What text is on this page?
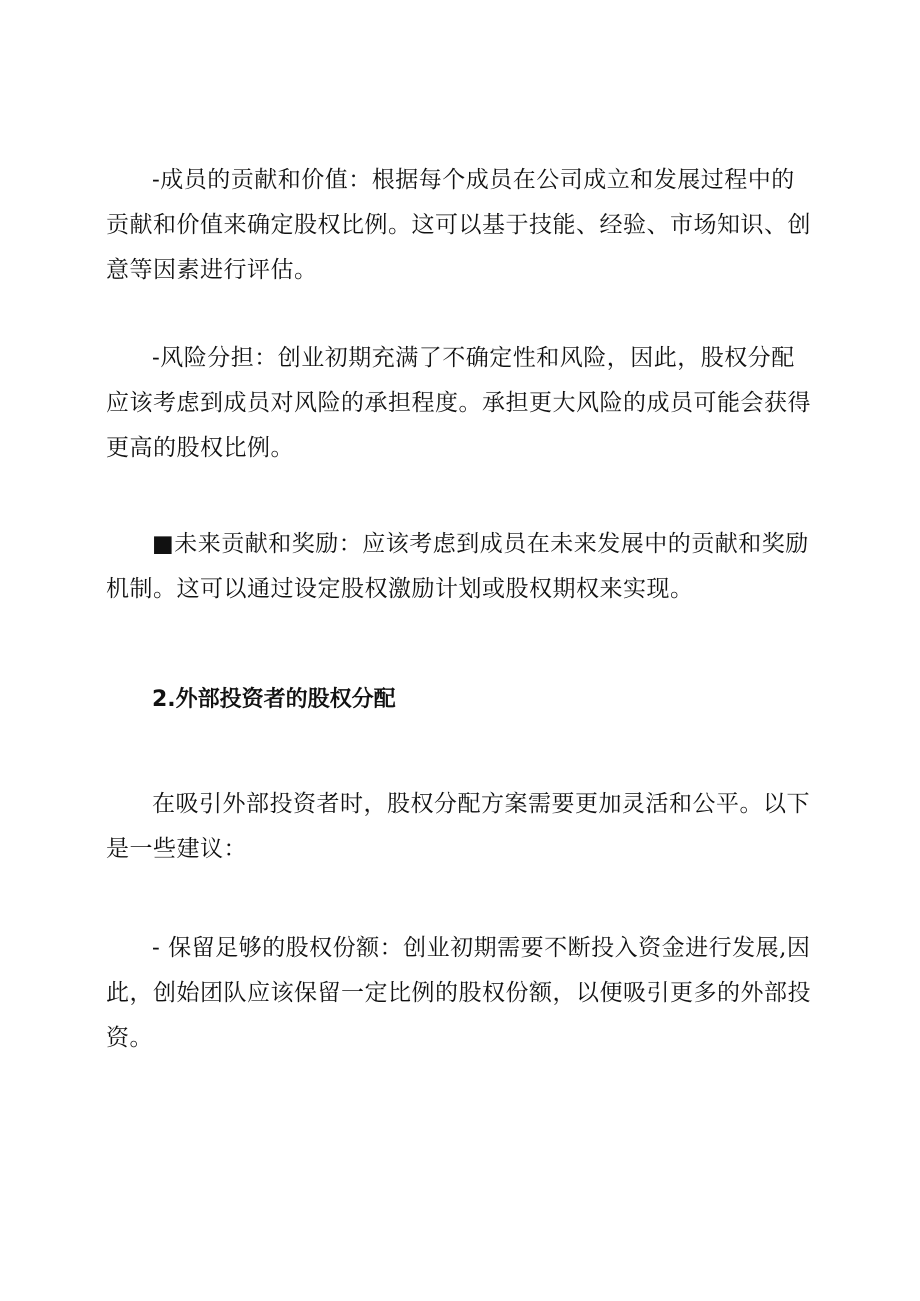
-成员的贡献和价值：根据每个成员在公司成立和发展过程中的贡献和价值来确定股权比例。这可以基于技能、经验、市场知识、创意等因素进行评估。

-风险分担：创业初期充满了不确定性和风险，因此，股权分配应该考虑到成员对风险的承担程度。承担更大风险的成员可能会获得更高的股权比例。

■未来贡献和奖励：应该考虑到成员在未来发展中的贡献和奖励机制。这可以通过设定股权激励计划或股权期权来实现。

2.外部投资者的股权分配

在吸引外部投资者时，股权分配方案需要更加灵活和公平。以下是一些建议：

- 保留足够的股权份额：创业初期需要不断投入资金进行发展,因此，创始团队应该保留一定比例的股权份额，以便吸引更多的外部投资。
